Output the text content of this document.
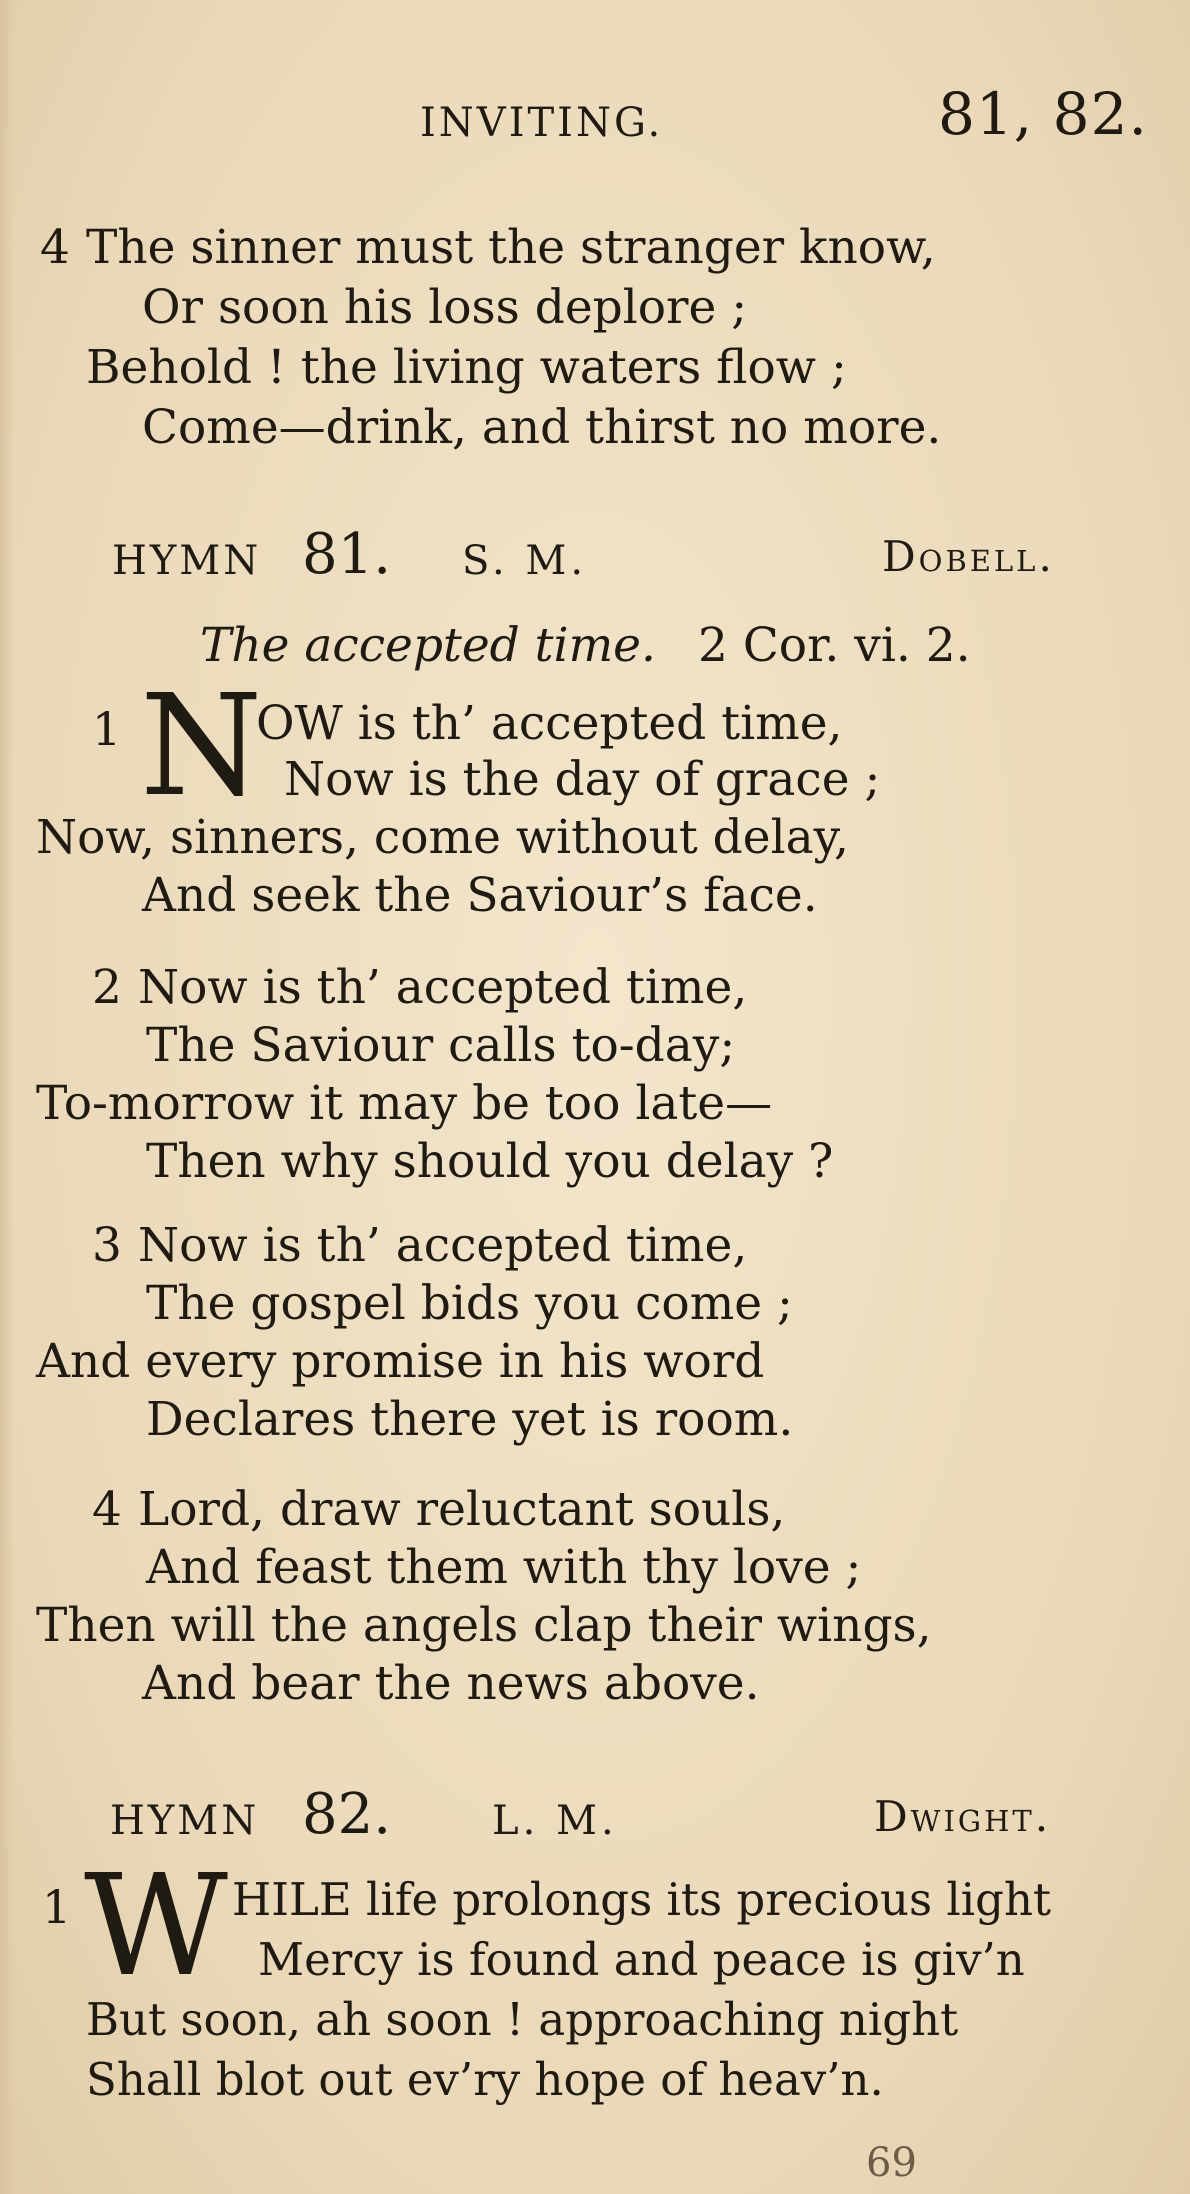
INVITING.	81, 82.
4 The sinner must the stranger know,
Or soon his loss deplore ;
Behold ! the living waters flow ;
Come—drink, and thirst no more.
HYMN 81. S. M.	Dobell.
The accepted time. 2 Cor. vi. 2.
1 N
OW is th’ accepted time,
Now is the day of grace ;
Now, sinners, come without delay,
And seek the Saviour’s face.
2 Now is th’ accepted time,
The Saviour calls to-day;
To-morrow it may be too late—
Then why should you delay ?
3 Now is th’ accepted time,
The gospel bids you come ;
And every promise in his word
Declares there yet is room.
4 Lord, draw reluctant souls,
And feast them with thy love ;
Then will the angels clap their wings,
And bear the news above.
HYMN 82.	L. M.	Dwight.
1 W HILE life prolongs its precious light
Mercy is found and peace is giv’n
But soon, ah soon ! approaching night
Shall blot out ev’ry hope of heav’n.
69
